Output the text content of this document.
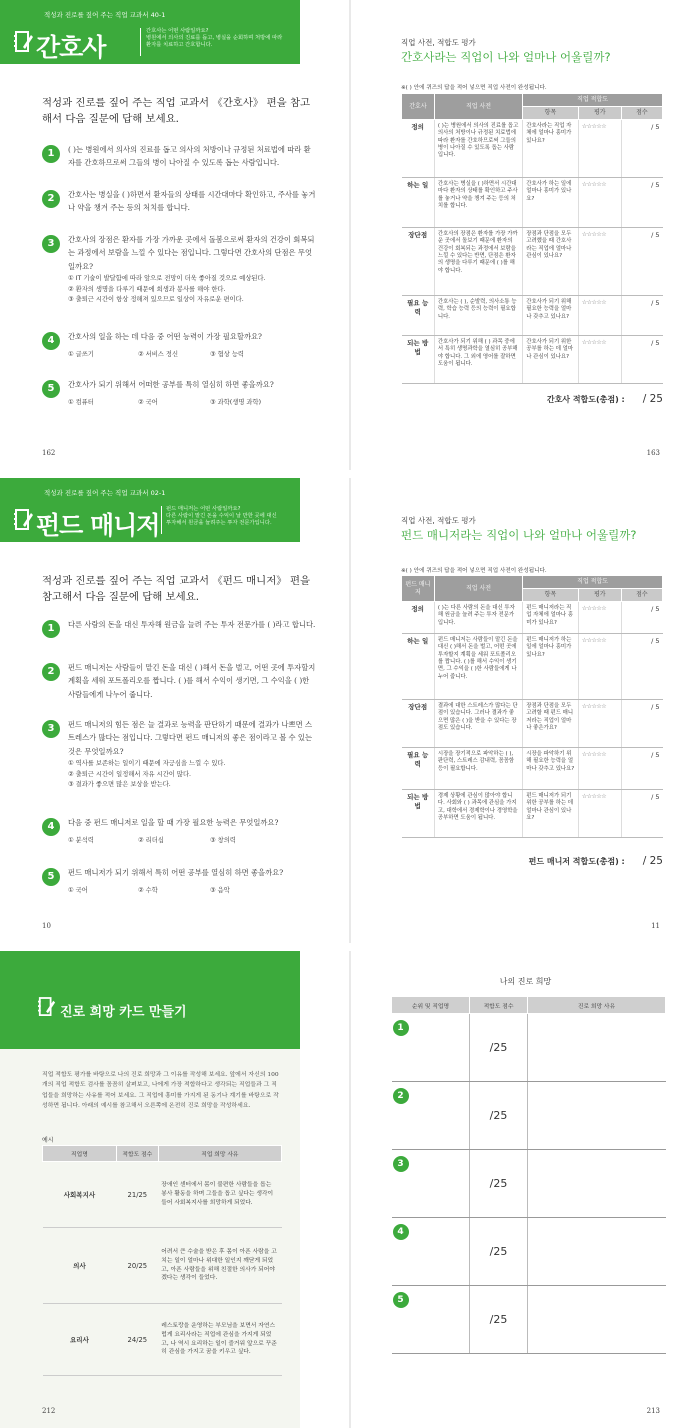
적성과 진로를 짚어 주는 직업 교과서 40-1
간호사
간호사는 어떤 사람일까요?
병원에서 의사의 진료를 돕고, 병실을 순회하며 처방에 따라
환자를 치료하고 간호합니다.
적성과 진로를 짚어 주는 직업 교과서 《간호사》 편을 참고해서 다음 질문에 답해 보세요.
1	( )는 병원에서 의사의 진료를 돕고 의사의 처방이나 규정된 처료법에 따라 환자를 간호하므로써 그들의 병이 나아질 수 있도록 돕는 사람입니다.
2	간호사는 병실을 ( )하면서 환자들의 상태를 시간대마다 확인하고, 주사를 놓거나 약을 챙겨 주는 등의 처치를 합니다.
3	간호사의 장점은 환자를 가장 가까운 곳에서 돌봄으로써 환자의 건강이 회복되는 과정에서 보람을 느낄 수 있다는 점입니다. 그렇다면 간호사의 단점은 무엇일까요?
① IT 기술이 발달함에 따라 앞으로 전망이 더욱 좋아질 것으로 예상된다.
② 환자의 생명을 다루기 때문에 희생과 봉사를 해야 한다.
③ 출퇴근 시간이 항상 정해져 있으므로 일상이 자유로운 편이다.
4	간호사의 일을 하는 데 다음 중 어떤 능력이 가장 필요할까요?
① 글쓰기	② 서비스 정신	③ 협상 능력
5	간호사가 되기 위해서 어떠한 공부를 특히 열심히 하면 좋을까요?
① 컴퓨터	② 국어	③ 과학(생명 과학)
162
직업 사전, 적합도 평가
간호사라는 직업이 나와 얼마나 어울릴까?
※( ) 안에 퀴즈의 답을 적어 넣으면 직업 사전이 완성됩니다.
간호사	직업 사전	직업 적합도		
		항목	평가	점수
정의	( )는 병원에서 의사의 진료를 돕고 의사의 처방이나 규정된 치료법에 따라 환자를 간호하므로써 그들의 병이 나아질 수 있도록 돕는 사람입니다.	간호사라는 직업 자체에 얼마나 흥미가 있나요?	☆☆☆☆☆	/ 5
하는 일	간호사는 병실을 ( )하면서 시간대마다 환자의 상태를 확인하고 주사를 놓거나 약을 챙겨 주는 등의 처치를 합니다.	간호사가 하는 일에 얼마나 흥미가 있나요?	☆☆☆☆☆	/ 5
장단점	간호사의 장점은 환자를 가장 가까운 곳에서 돌보기 때문에 환자의 건강이 회복되는 과정에서 보람을 느낄 수 있다는 반면, 단점은 환자의 생명을 다루기 때문에 ( )를 해야 합니다.	장점과 단점을 모두 고려했을 때 간호사라는 직업에 얼마나 관심이 있나요?	☆☆☆☆☆	/ 5
필요 능력	간호사는 ( ), 순발력, 의사소통 능력, 학습 능력 등의 능력이 필요합니다.	간호사가 되기 위해 필요한 능력을 얼마나 갖추고 있나요?	☆☆☆☆☆	/ 5
되는 방법	간호사가 되기 위해 ( ) 과목 중에서 특히 생명과학을 열심히 공부해야 합니다. 그 외에 영어를 잘하면 도움이 됩니다.	간호사가 되기 위한 공부를 하는 데 얼마나 관심이 있나요?	☆☆☆☆☆	/ 5
간호사 적합도(총점) : / 25
163
적성과 진로를 짚어 주는 직업 교과서 02-1
펀드 매니저
펀드 매니저는 어떤 사람일까요?
다른 사람이 맡긴 돈을 수익이 날 만한 곳에 대신
투자해서 원금을 늘려주는 투자 전문가입니다.
적성과 진로를 짚어 주는 직업 교과서 《펀드 매니저》 편을 참고해서 다음 질문에 답해 보세요.
1	다른 사람의 돈을 대신 투자해 원금을 늘려 주는 투자 전문가를 ( )라고 합니다.
2	펀드 매니저는 사람들이 맡긴 돈을 대신 ( )해서 돈을 벌고, 어떤 곳에 투자할지 계획을 세워 포트폴리오를 짭니다. ( )를 해서 수익이 생기면, 그 수익을 ( )한 사람들에게 나누어 줍니다.
3	펀드 매니저의 힘든 점은 늘 결과로 능력을 판단하기 때문에 결과가 나쁘면 스트레스가 많다는 점입니다. 그렇다면 펀드 매니저의 좋은 점이라고 볼 수 있는 것은 무엇일까요?
① 역사를 보존하는 일이기 때문에 자긍심을 느낄 수 있다.
② 출퇴근 시간이 일정해서 자유 시간이 많다.
③ 결과가 좋으면 많은 보상을 받는다.
4	다음 중 펀드 매니저로 일을 할 때 가장 필요한 능력은 무엇일까요?
① 분석력	② 리더십	③ 창의력
5	펀드 매니저가 되기 위해서 특히 어떤 공부를 열심히 하면 좋을까요?
① 국어	② 수학	③ 음악
10
직업 사전, 적합도 평가
펀드 매니저라는 직업이 나와 얼마나 어울릴까?
※( ) 안에 퀴즈의 답을 적어 넣으면 직업 사전이 완성됩니다.
펀드 매니저	직업 사전	직업 적합도		
		항목	평가	점수
정의	( )는 다른 사람의 돈을 대신 투자해 원금을 늘려 주는 투자 전문가입니다.	펀드 매니저라는 직업 자체에 얼마나 흥미가 있나요?	☆☆☆☆☆	/ 5
하는 일	펀드 매니저는 사람들이 맡긴 돈을 대신 ( )해서 돈을 벌고, 어떤 곳에 투자할지 계획을 세워 포트폴리오를 짭니다. ( )를 해서 수익이 생기면, 그 수익을 ( )한 사람들에게 나누어 줍니다.	펀드 매니저가 하는 일에 얼마나 흥미가 있나요?	☆☆☆☆☆	/ 5
장단점	결과에 대한 스트레스가 많다는 단점이 있습니다. 그러나 결과가 좋으면 많은 ( )을 받을 수 있다는 장점도 있습니다.	장점과 단점을 모두 고려할 때 펀드 매니저라는 직업이 얼마나 좋은가요?	☆☆☆☆☆	/ 5
필요 능력	시장을 장기적으로 파악하는 ( ), 판단력, 스트레스 감내력, 꼼꼼함 등이 필요합니다.	시장을 파악하기 위해 필요한 능력을 얼마나 갖추고 있나요?	☆☆☆☆☆	/ 5
되는 방법	경제 상황에 관심이 많아야 합니다. 사회와 ( ) 과목에 관심을 가지고, 대학에서 경제학이나 경영학을 공부하면 도움이 됩니다.	펀드 매니저가 되기 위한 공부를 하는 데 얼마나 관심이 있나요?	☆☆☆☆☆	/ 5
펀드 매니저 적합도(총점) : / 25
11
진로 희망 카드 만들기
직업 적합도 평가를 바탕으로 나의 진로 희망과 그 이유를 작성해 보세요. 앞에서 자신의 100개의 직업 적합도 검사를 꼼꼼히 살펴보고, 나에게 가장 적합하다고 생각되는 직업들과 그 직업들을 희망하는 사유를 적어 보세요. 그 직업에 흥미를 가지게 된 동기나 계기를 바탕으로 작성하면 됩니다. 아래의 예시를 참고해서 오른쪽에 온전히 진로 희망을 작성하세요.
예시
직업명	적합도 점수	직업 희망 사유
사회복지사	21/25	장애인 센터에서 몸이 불편한 사람들을 돕는 봉사 활동을 하며 그들을 돕고 싶다는 생각이 들어 사회복지사를 희망하게 되었다.
의사	20/25	어려서 큰 수술을 받은 후 몸이 아픈 사람을 고치는 일이 얼마나 위대한 일인지 깨닫게 되었고, 아픈 사람들을 위해 친절한 의사가 되어야겠다는 생각이 들었다.
요리사	24/25	레스토랑을 운영하는 부모님을 보면서 자연스럽게 요리사라는 직업에 관심을 가지게 되었고, 나 역시 요리하는 일이 즐거워 앞으로 꾸준히 관심을 가지고 꿈을 키우고 싶다.
212
나의 진로 희망
순위 및 직업명	적합도 점수	진로 희망 사유

1	/25	

2	/25	

3	/25	

4	/25	

5	/25	
213
